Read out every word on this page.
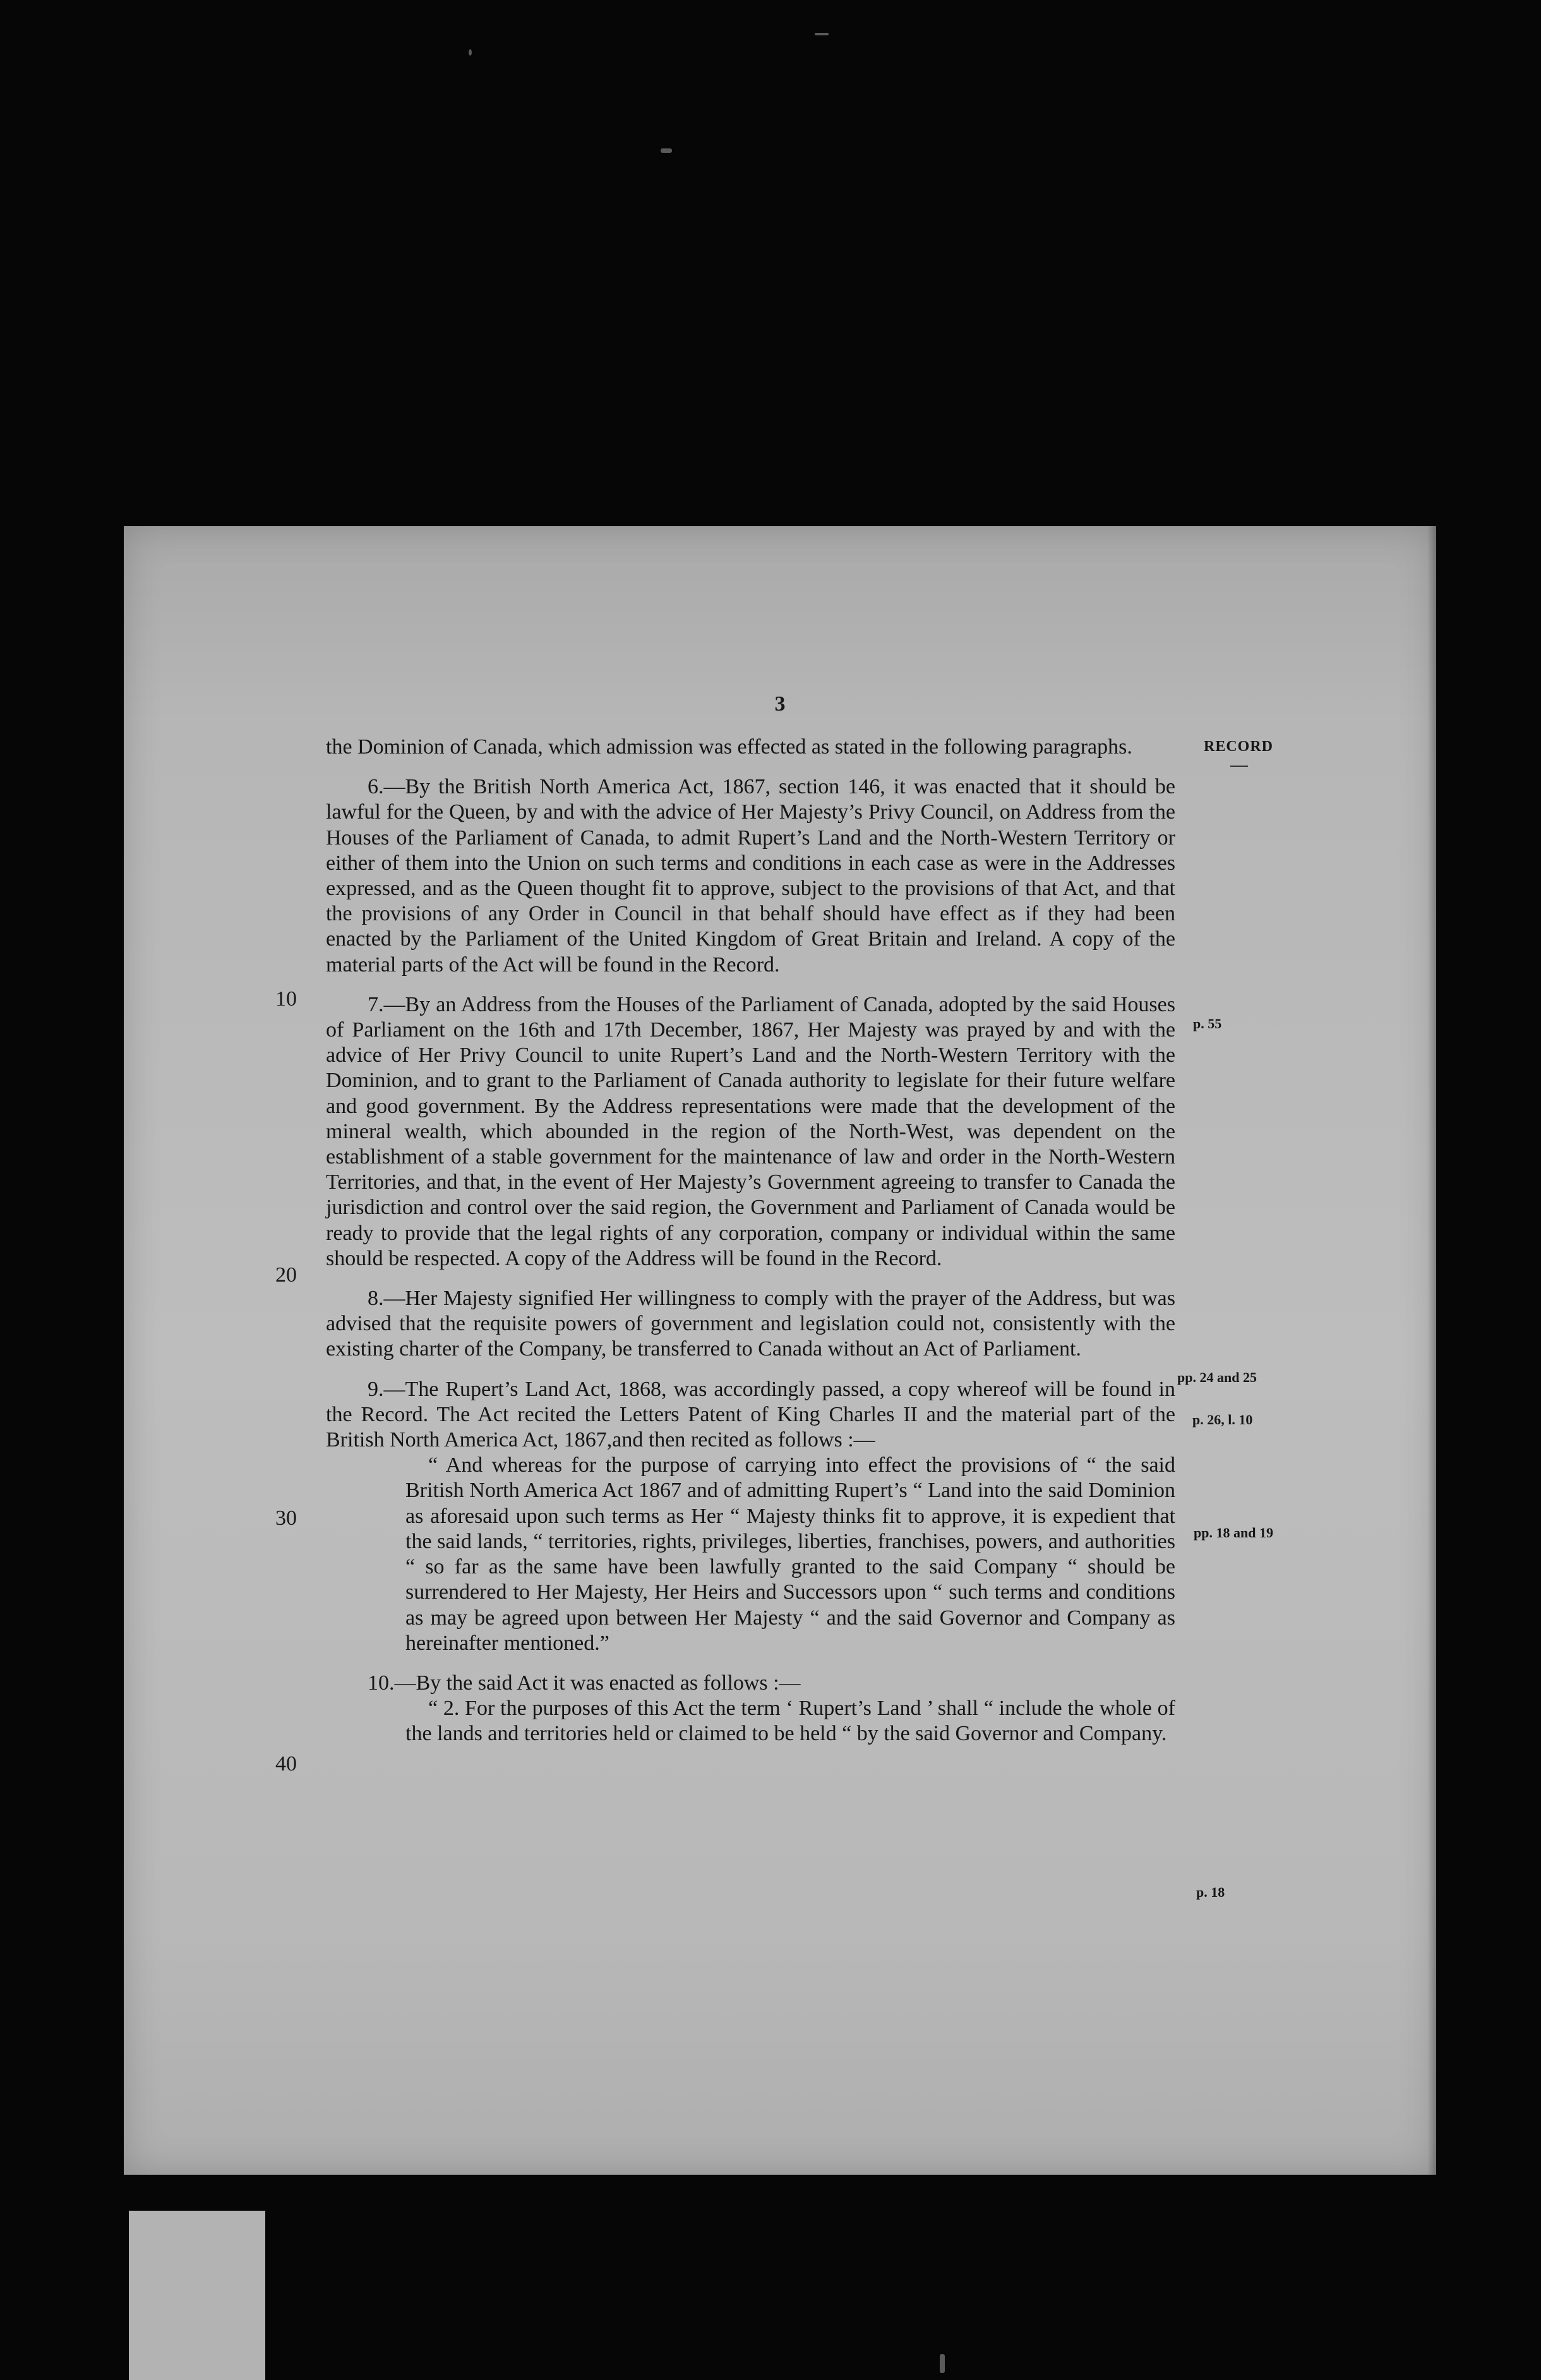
3
RECORD

the Dominion of Canada, which admission was effected as stated in the following paragraphs.

6.—By the British North America Act, 1867, section 146, it was enacted that it should be lawful for the Queen, by and with the advice of Her Majesty’s Privy Council, on Address from the Houses of the Parliament of Canada, to admit Rupert’s Land and the North-Western Territory or either of them into the Union on such terms and conditions in each case as were in the Addresses expressed, and as the Queen thought fit to approve, subject to the provisions of that Act, and that the provisions of any Order in Council in that behalf should have effect as if they had been enacted by the Parliament of the United Kingdom of Great Britain and Ireland. A copy of the material parts of the Act will be found in the Record.

7.—By an Address from the Houses of the Parliament of Canada, adopted by the said Houses of Parliament on the 16th and 17th December, 1867, Her Majesty was prayed by and with the advice of Her Privy Council to unite Rupert’s Land and the North-Western Territory with the Dominion, and to grant to the Parliament of Canada authority to legislate for their future welfare and good government. By the Address representations were made that the development of the mineral wealth, which abounded in the region of the North-West, was dependent on the establishment of a stable government for the maintenance of law and order in the North-Western Territories, and that, in the event of Her Majesty’s Government agreeing to transfer to Canada the jurisdiction and control over the said region, the Government and Parliament of Canada would be ready to provide that the legal rights of any corporation, company or individual within the same should be respected. A copy of the Address will be found in the Record.

8.—Her Majesty signified Her willingness to comply with the prayer of the Address, but was advised that the requisite powers of government and legislation could not, consistently with the existing charter of the Company, be transferred to Canada without an Act of Parliament.

9.—The Rupert’s Land Act, 1868, was accordingly passed, a copy whereof will be found in the Record. The Act recited the Letters Patent of King Charles II and the material part of the British North America Act, 1867,and then recited as follows :—

“ And whereas for the purpose of carrying into effect the provisions of “ the said British North America Act 1867 and of admitting Rupert’s “ Land into the said Dominion as aforesaid upon such terms as Her “ Majesty thinks fit to approve, it is expedient that the said lands, “ territories, rights, privileges, liberties, franchises, powers, and authorities “ so far as the same have been lawfully granted to the said Company “ should be surrendered to Her Majesty, Her Heirs and Successors upon “ such terms and conditions as may be agreed upon between Her Majesty “ and the said Governor and Company as hereinafter mentioned.”

10.—By the said Act it was enacted as follows :—

“ 2. For the purposes of this Act the term ‘ Rupert’s Land ’ shall “ include the whole of the lands and territories held or claimed to be held “ by the said Governor and Company.

10
20
30
40
p. 55
pp. 24 and 25
p. 26, l. 10
pp. 18 and 19
p. 18
